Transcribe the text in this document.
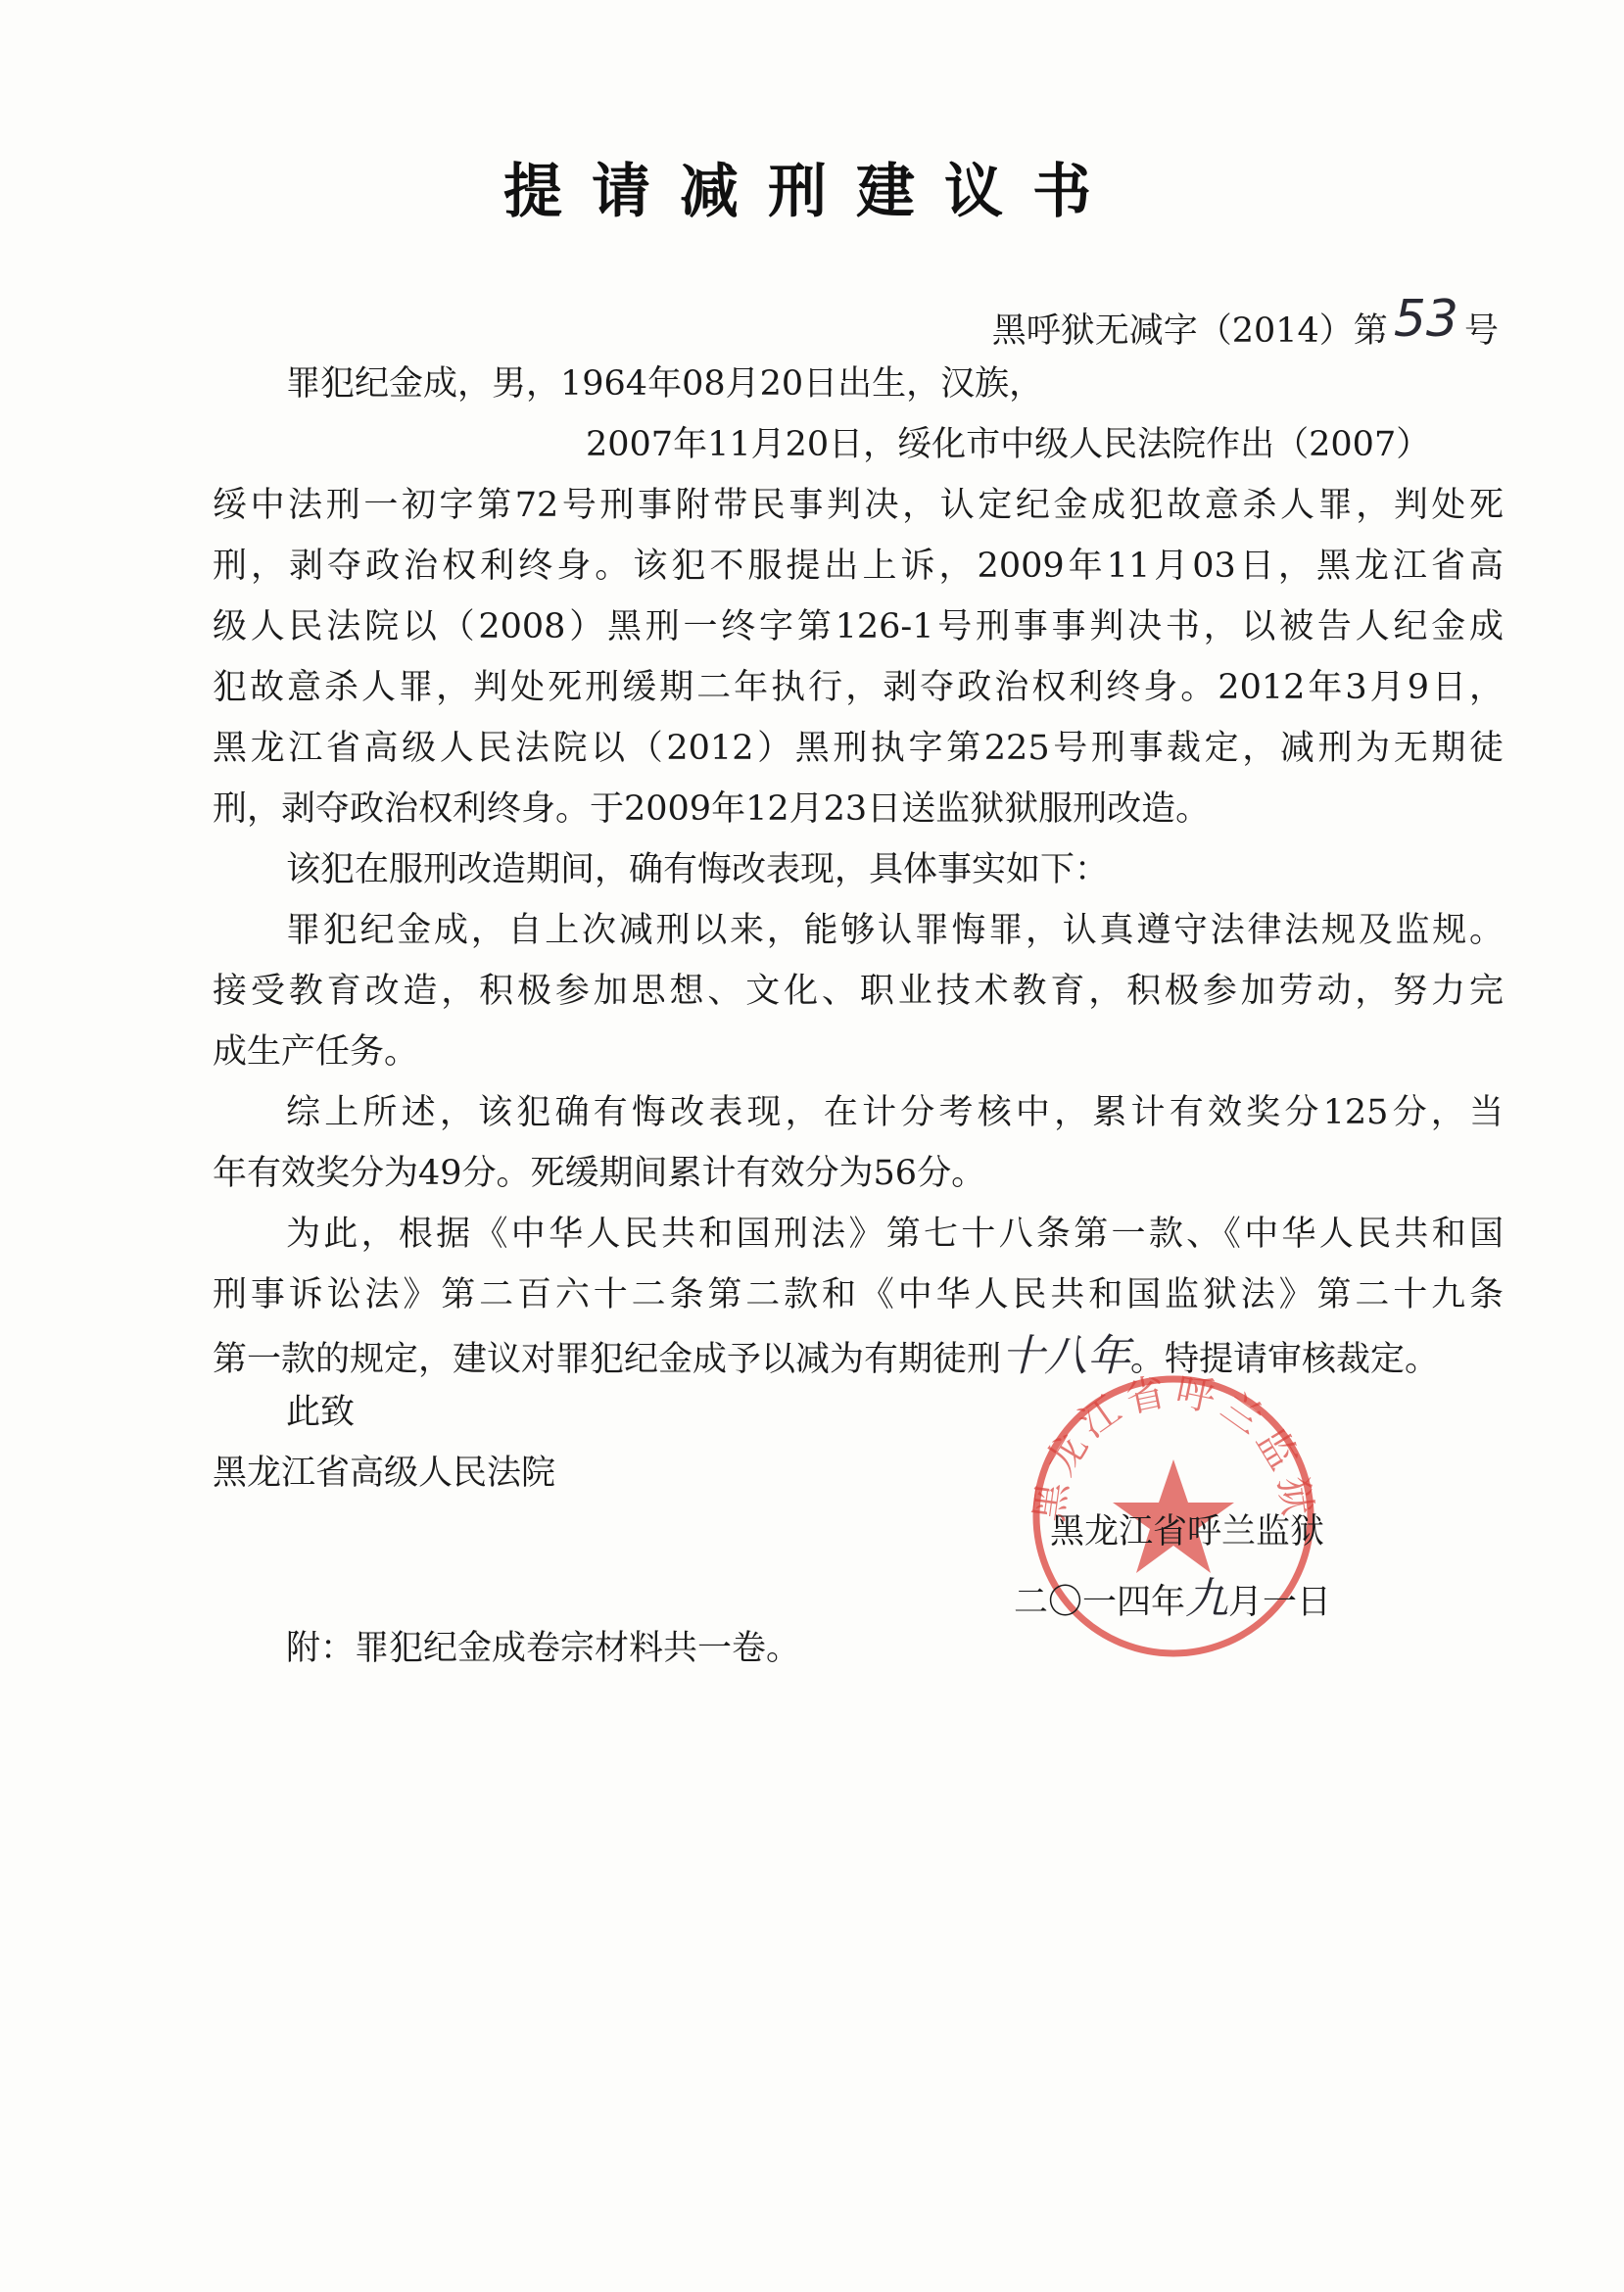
提请减刑建议书
黑呼狱无减字（2014）第 53 号
罪犯纪金成，男，1964年08月20日出生，汉族，
2007年11月20日，绥化市中级人民法院作出（2007）
绥中法刑一初字第72号刑事附带民事判决，认定纪金成犯故意杀人罪，判处死
刑，剥夺政治权利终身。该犯不服提出上诉，2009年11月03日，黑龙江省高
级人民法院以（2008）黑刑一终字第126-1号刑事事判决书，以被告人纪金成
犯故意杀人罪，判处死刑缓期二年执行，剥夺政治权利终身。2012年3月9日，
黑龙江省高级人民法院以（2012）黑刑执字第225号刑事裁定，减刑为无期徒
刑，剥夺政治权利终身。于2009年12月23日送监狱狱服刑改造。
该犯在服刑改造期间，确有悔改表现，具体事实如下：
罪犯纪金成，自上次减刑以来，能够认罪悔罪，认真遵守法律法规及监规。
接受教育改造，积极参加思想、文化、职业技术教育，积极参加劳动，努力完
成生产任务。
综上所述，该犯确有悔改表现，在计分考核中，累计有效奖分125分，当
年有效奖分为49分。死缓期间累计有效分为56分。
为此，根据《中华人民共和国刑法》第七十八条第一款、《中华人民共和国
刑事诉讼法》第二百六十二条第二款和《中华人民共和国监狱法》第二十九条
第一款的规定，建议对罪犯纪金成予以减为有期徒刑十八年。特提请审核裁定。
此致
黑龙江省高级人民法院
黑龙江省呼兰监狱
黑龙江省呼兰监狱
二〇一四年九月一日
附：罪犯纪金成卷宗材料共一卷。
